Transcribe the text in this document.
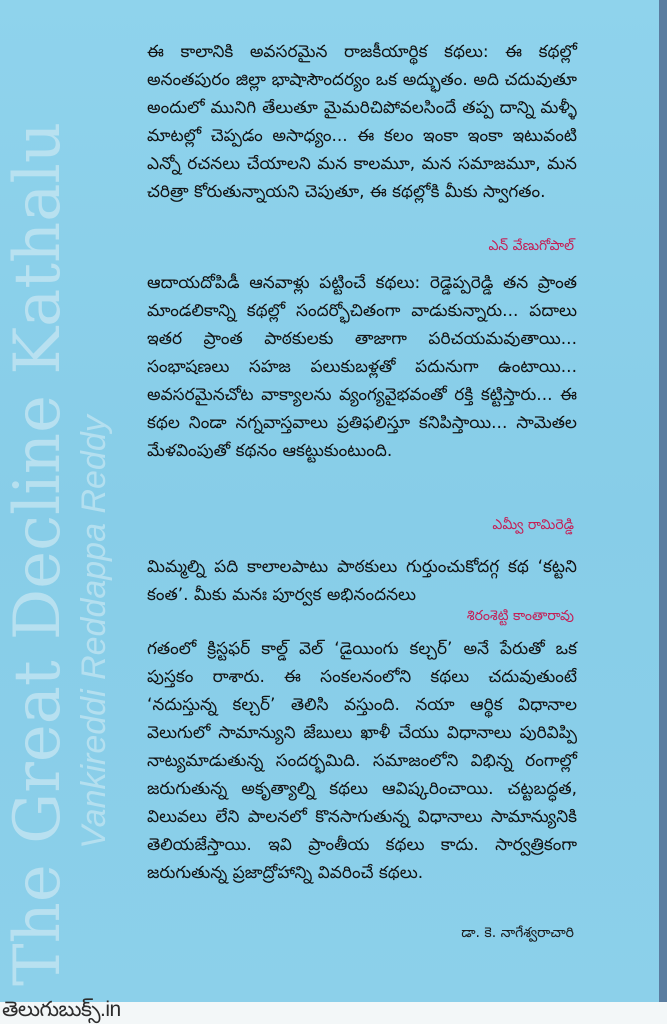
The Great Decline Kathalu Vankireddi Reddappa Reddy
ఈ కాలానికి అవసరమైన రాజకీయార్థిక కథలు: ఈ కథల్లో అనంతపురం జిల్లా భాషాసౌందర్యం ఒక అద్భుతం. అది చదువుతూ అందులో మునిగి తేలుతూ మైమరిచిపోవలసిందే తప్ప దాన్ని మళ్ళీ మాటల్లో చెప్పడం అసాధ్యం... ఈ కలం ఇంకా ఇంకా ఇటువంటి ఎన్నో రచనలు చేయాలని మన కాలమూ, మన సమాజమూ, మన చరిత్రా కోరుతున్నాయని చెపుతూ, ఈ కథల్లోకి మీకు స్వాగతం.
ఎన్ వేణుగోపాల్
ఆదాయదోపిడీ ఆనవాళ్లు పట్టించే కథలు: రెడ్డెప్పరెడ్డి తన ప్రాంత మాండలికాన్ని కథల్లో సందర్భోచితంగా వాడుకున్నారు... పదాలు ఇతర ప్రాంత పాఠకులకు తాజాగా పరిచయమవుతాయి... సంభాషణలు సహజ పలుకుబళ్లతో పదునుగా ఉంటాయి... అవసరమైనచోట వాక్యాలను వ్యంగ్యవైభవంతో రక్తి కట్టిస్తారు... ఈ కథల నిండా నగ్నవాస్తవాలు ప్రతిఫలిస్తూ కనిపిస్తాయి... సామెతల మేళవింపుతో కథనం ఆకట్టుకుంటుంది.
ఎమ్వీ రామిరెడ్డి
మిమ్మల్ని పది కాలాలపాటు పాఠకులు గుర్తుంచుకోదగ్గ కథ ‘కట్టని కంత’. మీకు మనః పూర్వక అభినందనలు
శిరంశెట్టి కాంతారావు
గతంలో క్రిస్టఫర్ కాల్డ్ వెల్ ‘డైయింగు కల్చర్’ అనే పేరుతో ఒక పుస్తకం రాశారు. ఈ సంకలనంలోని కథలు చదువుతుంటే ‘నదుస్తున్న కల్చర్’ తెలిసి వస్తుంది. నయా ఆర్థిక విధానాల వెలుగులో సామాన్యుని జేబులు ఖాళీ చేయు విధానాలు పురివిప్పి నాట్యమాడుతున్న సందర్భమిది. సమాజంలోని విభిన్న రంగాల్లో జరుగుతున్న అకృత్యాల్ని కథలు ఆవిష్కరించాయి. చట్టబద్ధత, విలువలు లేని పాలనలో కొనసాగుతున్న విధానాలు సామాన్యునికి తెలియజేస్తాయి. ఇవి ప్రాంతీయ కథలు కాదు. సార్వత్రికంగా జరుగుతున్న ప్రజాద్రోహాన్ని వివరించే కథలు.
డా. కె. నాగేశ్వరాచారి
తెలుగుబుక్స్.in
